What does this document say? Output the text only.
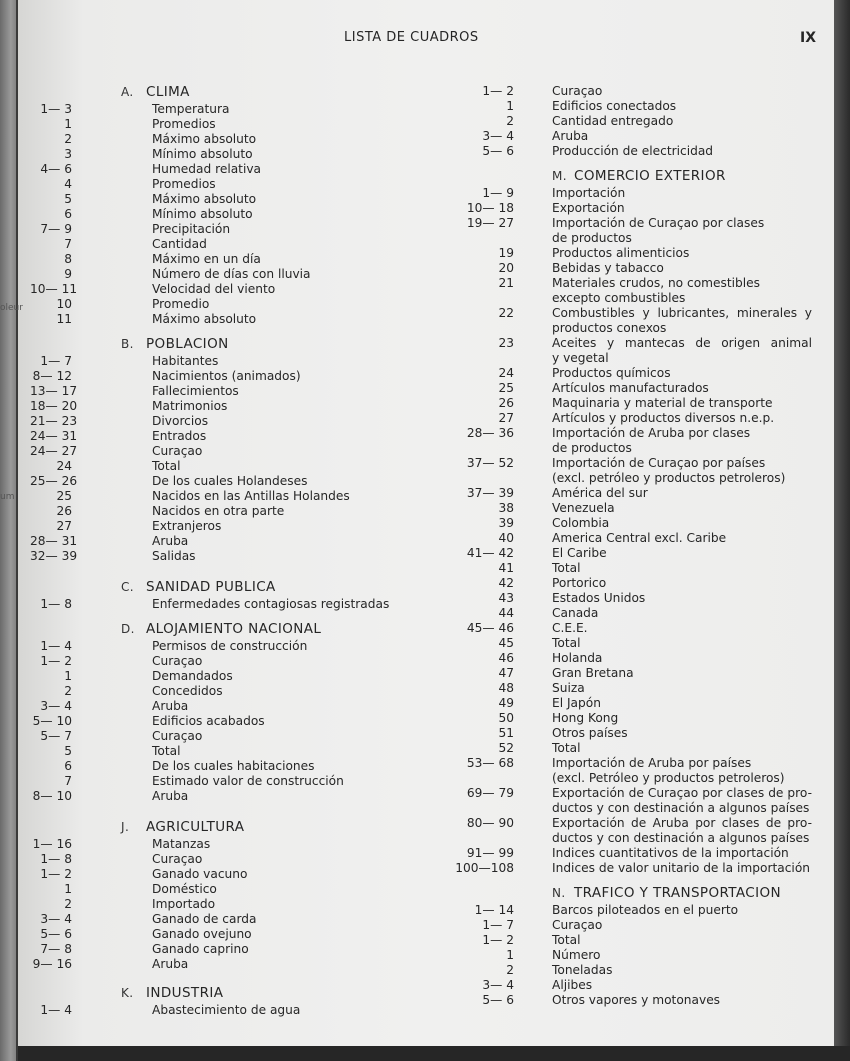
oleur
um
LISTA DE CUADROS	IX
A. CLIMA
1— 3	Temperatura
1	Promedios
2	Máximo absoluto
3	Mínimo absoluto
4— 6	Humedad relativa
4	Promedios
5	Máximo absoluto
6	Mínimo absoluto
7— 9	Precipitación
7	Cantidad
8	Máximo en un día
9	Número de días con lluvia
10— 11	Velocidad del viento
10	Promedio
11	Máximo absoluto
B. POBLACION
1— 7	Habitantes
8— 12	Nacimientos (animados)
13— 17	Fallecimientos
18— 20	Matrimonios
21— 23	Divorcios
24— 31	Entrados
24— 27	Curaçao
24	Total
25— 26	De los cuales Holandeses
25	Nacidos en las Antillas Holandes
26	Nacidos en otra parte
27	Extranjeros
28— 31	Aruba
32— 39	Salidas
C. SANIDAD PUBLICA
1— 8	Enfermedades contagiosas registradas
D. ALOJAMIENTO NACIONAL
1— 4	Permisos de construcción
1— 2	Curaçao
1	Demandados
2	Concedidos
3— 4	Aruba
5— 10	Edificios acabados
5— 7	Curaçao
5	Total
6	De los cuales habitaciones
7	Estimado valor de construcción
8— 10	Aruba
J. AGRICULTURA
1— 16	Matanzas
1— 8	Curaçao
1— 2	Ganado vacuno
1	Doméstico
2	Importado
3— 4	Ganado de carda
5— 6	Ganado ovejuno
7— 8	Ganado caprino
9— 16	Aruba
K. INDUSTRIA
1— 4	Abastecimiento de agua
1— 2	Curaçao
1	Edificios conectados
2	Cantidad entregado
3— 4	Aruba
5— 6	Producción de electricidad
M. COMERCIO EXTERIOR
1— 9	Importación
10— 18	Exportación
19— 27	Importación de Curaçao por clases
de productos
19	Productos alimenticios
20	Bebidas y tabacco
21	Materiales crudos, no comestibles
excepto combustibles
22	Combustibles y lubricantes, minerales y
productos conexos
23	Aceites y mantecas de origen animal
y vegetal
24	Productos químicos
25	Artículos manufacturados
26	Maquinaria y material de transporte
27	Artículos y productos diversos n.e.p.
28— 36	Importación de Aruba por clases
de productos
37— 52	Importación de Curaçao por países
(excl. petróleo y productos petroleros)
37— 39	América del sur
38	Venezuela
39	Colombia
40	America Central excl. Caribe
41— 42	El Caribe
41	Total
42	Portorico
43	Estados Unidos
44	Canada
45— 46	C.E.E.
45	Total
46	Holanda
47	Gran Bretana
48	Suiza
49	El Japón
50	Hong Kong
51	Otros países
52	Total
53— 68	Importación de Aruba por países
(excl. Petróleo y productos petroleros)
69— 79	Exportación de Curaçao por clases de pro-
ductos y con destinación a algunos países
80— 90	Exportación de Aruba por clases de pro-
ductos y con destinación a algunos países
91— 99	Indices cuantitativos de la importación
100—108	Indices de valor unitario de la importación
N. TRAFICO Y TRANSPORTACION
1— 14	Barcos piloteados en el puerto
1— 7	Curaçao
1— 2	Total
1	Número
2	Toneladas
3— 4	Aljibes
5— 6	Otros vapores y motonaves
